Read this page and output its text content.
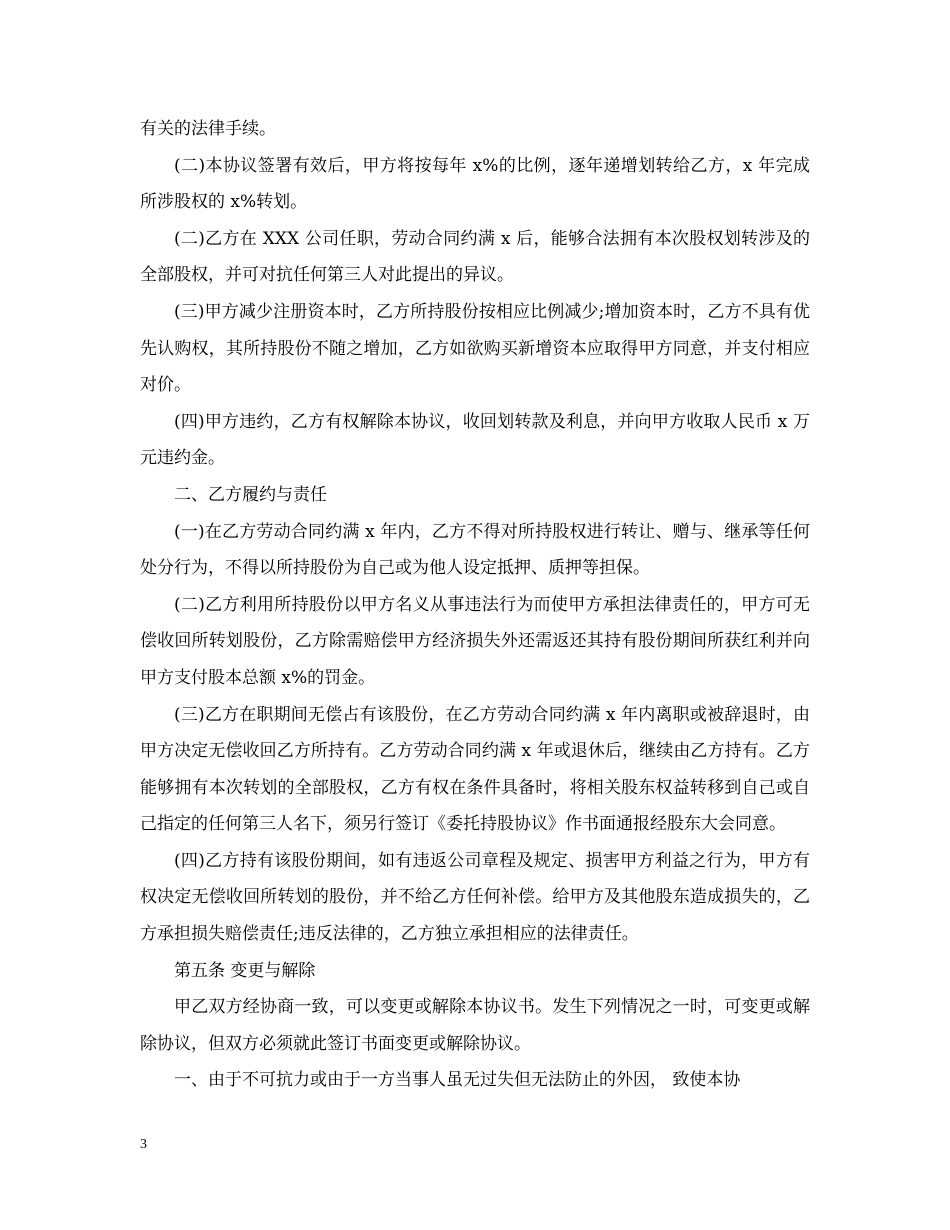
有关的法律手续。

(二)本协议签署有效后，甲方将按每年 x%的比例，逐年递增划转给乙方，x 年完成所涉股权的 x%转划。

(二)乙方在 XXX 公司任职，劳动合同约满 x 后，能够合法拥有本次股权划转涉及的全部股权，并可对抗任何第三人对此提出的异议。

(三)甲方减少注册资本时，乙方所持股份按相应比例减少;增加资本时，乙方不具有优先认购权，其所持股份不随之增加，乙方如欲购买新增资本应取得甲方同意，并支付相应对价。

(四)甲方违约，乙方有权解除本协议，收回划转款及利息，并向甲方收取人民币 x 万元违约金。

二、乙方履约与责任

(一)在乙方劳动合同约满 x 年内，乙方不得对所持股权进行转让、赠与、继承等任何处分行为，不得以所持股份为自己或为他人设定抵押、质押等担保。

(二)乙方利用所持股份以甲方名义从事违法行为而使甲方承担法律责任的，甲方可无偿收回所转划股份，乙方除需赔偿甲方经济损失外还需返还其持有股份期间所获红利并向甲方支付股本总额 x%的罚金。

(三)乙方在职期间无偿占有该股份，在乙方劳动合同约满 x 年内离职或被辞退时，由甲方决定无偿收回乙方所持有。乙方劳动合同约满 x 年或退休后，继续由乙方持有。乙方能够拥有本次转划的全部股权，乙方有权在条件具备时，将相关股东权益转移到自己或自己指定的任何第三人名下，须另行签订《委托持股协议》作书面通报经股东大会同意。

(四)乙方持有该股份期间，如有违返公司章程及规定、损害甲方利益之行为，甲方有权决定无偿收回所转划的股份，并不给乙方任何补偿。给甲方及其他股东造成损失的，乙方承担损失赔偿责任;违反法律的，乙方独立承担相应的法律责任。

第五条 变更与解除

甲乙双方经协商一致，可以变更或解除本协议书。发生下列情况之一时，可变更或解除协议，但双方必须就此签订书面变更或解除协议。

一、由于不可抗力或由于一方当事人虽无过失但无法防止的外因， 致使本协

3
